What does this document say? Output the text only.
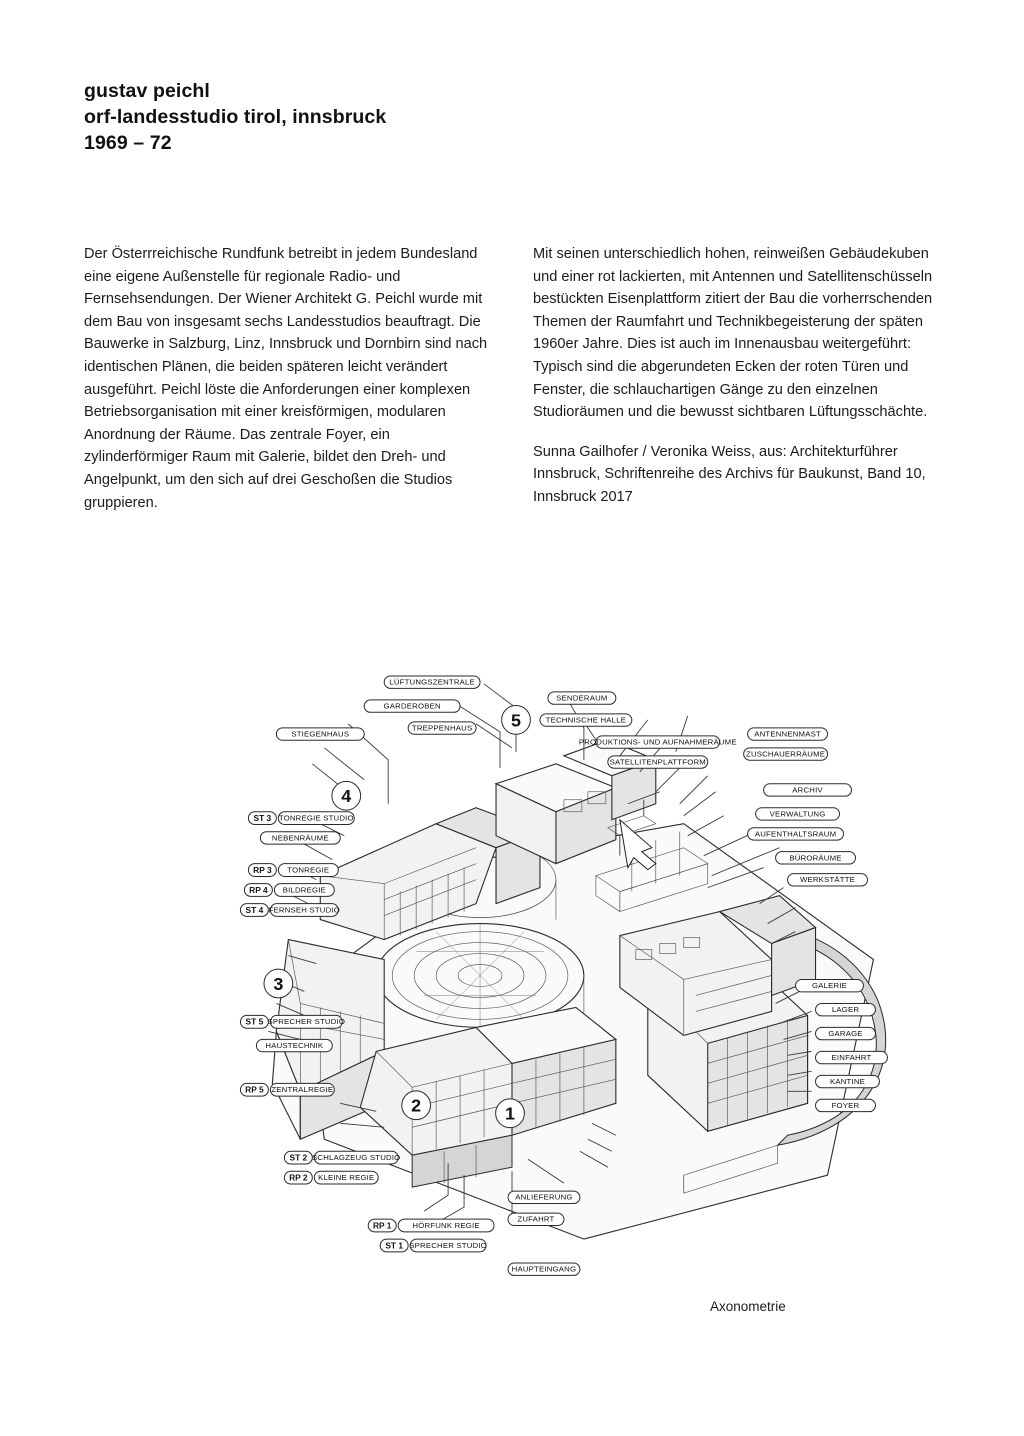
gustav peichl
orf-landesstudio tirol, innsbruck
1969 – 72

Der Österrreichische Rundfunk betreibt in jedem Bundesland eine eigene Außenstelle für regionale Radio- und Fernsehsendungen. Der Wiener Architekt G. Peichl wurde mit dem Bau von insgesamt sechs Landesstudios beauftragt. Die Bauwerke in Salzburg, Linz, Innsbruck und Dornbirn sind nach identischen Plänen, die beiden späteren leicht verändert ausgeführt. Peichl löste die Anforderungen einer komplexen Betriebsorganisation mit einer kreisförmigen, modularen Anordnung der Räume. Das zentrale Foyer, ein zylinderförmiger Raum mit Galerie, bildet den Dreh- und Angelpunkt, um den sich auf drei Geschoßen die Studios gruppieren.

Mit seinen unterschiedlich hohen, reinweißen Gebäudekuben und einer rot lackierten, mit Antennen und Satellitenschüsseln bestückten Eisenplattform zitiert der Bau die vorherrschenden Themen der Raumfahrt und Technikbegeisterung der späten 1960er Jahre. Dies ist auch im Innenausbau weitergeführt: Typisch sind die abgerundeten Ecken der roten Türen und Fenster, die schlauchartigen Gänge zu den einzelnen Studioräumen und die bewusst sichtbaren Lüftungsschächte.

Sunna Gailhofer / Veronika Weiss, aus: Architekturführer Innsbruck, Schriftenreihe des Archivs für Baukunst, Band 10, Innsbruck 2017

5
4
3
2	1
ST 3 TONREGIE STUDIO
RP 3	TONREGIE
RP 4	BILDREGIE
ST 4 FERNSEH STUDIO
ST 5 SPRECHER STUDIO
RP 5 ZENTRALREGIE
ST 2 SCHLAGZEUG STUDIO
RP 2	KLEINE REGIE
RP 1	HÖRFUNK REGIE
ST 1 SPRECHER STUDIO
LÜFTUNGSZENTRALE
GARDEROBEN
TREPPENHAUS
SENDERAUM
TECHNISCHE HALLE
PRODUKTIONS- UND AUFNAHMERÄUME
SATELLITENPLATTFORM
ANTENNENMAST
ZUSCHAUERRÄUME
ARCHIV
VERWALTUNG
AUFENTHALTSRAUM
BÜRORÄUME
WERKSTÄTTE
LAGER
GARAGE
EINFAHRT
KANTINE
FOYER
GALERIE
STIEGENHAUS
NEBENRÄUME
HAUSTECHNIK
ANLIEFERUNG
ZUFAHRT
HAUPTEINGANG
Axonometrie
